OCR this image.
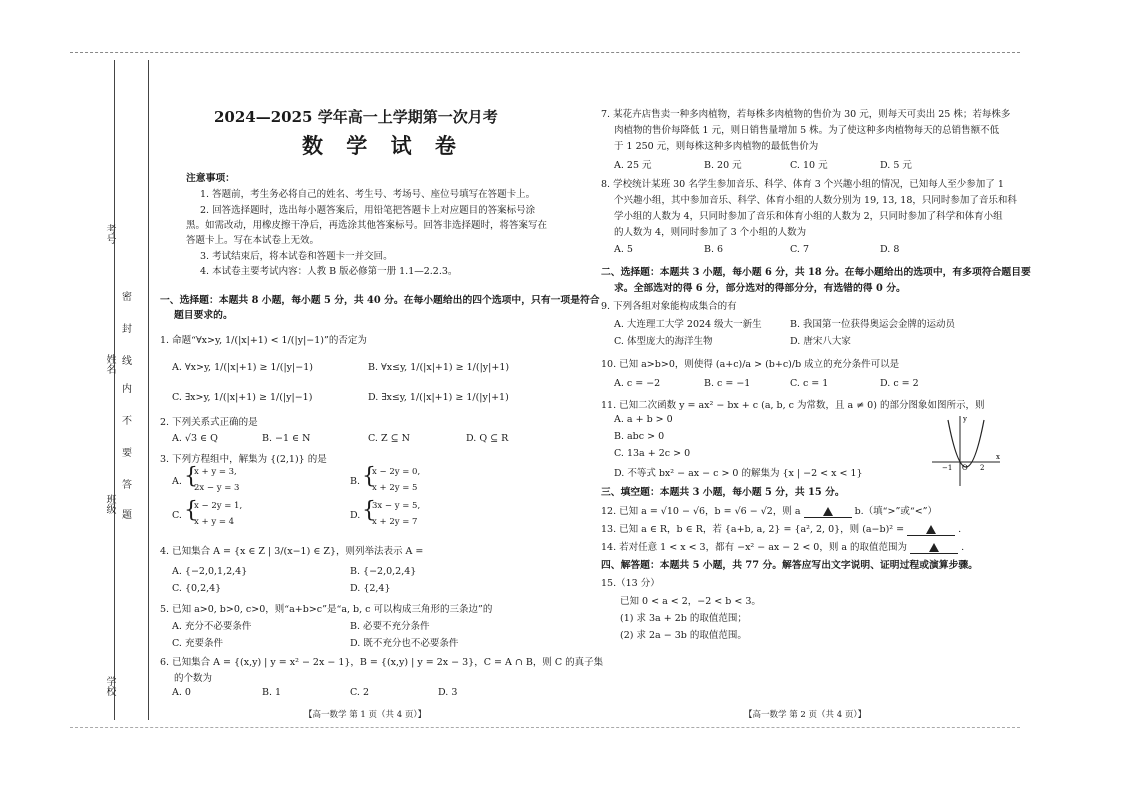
考号
姓名
班级
学校
密
封
线
内
不
要
答
题
2024—2025 学年高一上学期第一次月考
数 学 试 卷
注意事项：
1. 答题前，考生务必将自己的姓名、考生号、考场号、座位号填写在答题卡上。
2. 回答选择题时，选出每小题答案后，用铅笔把答题卡上对应题目的答案标号涂
黑。如需改动，用橡皮擦干净后，再选涂其他答案标号。回答非选择题时，将答案写在
答题卡上。写在本试卷上无效。
3. 考试结束后，将本试卷和答题卡一并交回。
4. 本试卷主要考试内容：人教 B 版必修第一册 1.1—2.2.3。
一、选择题：本题共 8 小题，每小题 5 分，共 40 分。在每小题给出的四个选项中，只有一项是符合
题目要求的。
1. 命题“∀x>y, 1/(|x|+1) < 1/(|y|−1)”的否定为
A. ∀x>y, 1/(|x|+1) ≥ 1/(|y|−1)	B. ∀x≤y, 1/(|x|+1) ≥ 1/(|y|+1)
C. ∃x>y, 1/(|x|+1) ≥ 1/(|y|−1)	D. ∃x≤y, 1/(|x|+1) ≥ 1/(|y|+1)
2. 下列关系式正确的是
A. √3 ∈ Q	B. −1 ∈ N	C. Z ⊆ N	D. Q ⊆ R
3. 下列方程组中，解集为 {(2,1)} 的是
A. {
x + y = 3,
2x − y = 3
B. {
x − 2y = 0,
x + 2y = 5
C. {
x − 2y = 1,
x + y = 4
D. {
3x − y = 5,
x + 2y = 7
4. 已知集合 A = {x ∈ Z | 3/(x−1) ∈ Z}，则列举法表示 A =
A. {−2,0,1,2,4}	B. {−2,0,2,4}
C. {0,2,4}	D. {2,4}
5. 已知 a>0, b>0, c>0，则“a+b>c”是“a, b, c 可以构成三角形的三条边”的
A. 充分不必要条件	B. 必要不充分条件
C. 充要条件	D. 既不充分也不必要条件
6. 已知集合 A = {(x,y) | y = x² − 2x − 1}，B = {(x,y) | y = 2x − 3}，C = A ∩ B，则 C 的真子集
的个数为
A. 0	B. 1	C. 2	D. 3
【高一数学 第 1 页（共 4 页）】
7. 某花卉店售卖一种多肉植物，若每株多肉植物的售价为 30 元，则每天可卖出 25 株；若每株多
肉植物的售价每降低 1 元，则日销售量增加 5 株。为了使这种多肉植物每天的总销售额不低
于 1 250 元，则每株这种多肉植物的最低售价为
A. 25 元	B. 20 元	C. 10 元	D. 5 元
8. 学校统计某班 30 名学生参加音乐、科学、体育 3 个兴趣小组的情况，已知每人至少参加了 1
个兴趣小组，其中参加音乐、科学、体育小组的人数分别为 19, 13, 18，只同时参加了音乐和科
学小组的人数为 4，只同时参加了音乐和体育小组的人数为 2，只同时参加了科学和体育小组
的人数为 4，则同时参加了 3 个小组的人数为
A. 5	B. 6	C. 7	D. 8
二、选择题：本题共 3 小题，每小题 6 分，共 18 分。在每小题给出的选项中，有多项符合题目要
求。全部选对的得 6 分，部分选对的得部分分，有选错的得 0 分。
9. 下列各组对象能构成集合的有
A. 大连理工大学 2024 级大一新生	B. 我国第一位获得奥运会金牌的运动员
C. 体型庞大的海洋生物	D. 唐宋八大家
10. 已知 a>b>0，则使得 (a+c)/a > (b+c)/b 成立的充分条件可以是
A. c = −2	B. c = −1	C. c = 1	D. c = 2
11. 已知二次函数 y = ax² − bx + c (a, b, c 为常数，且 a ≠ 0) 的部分图象如图所示，则
A. a + b > 0
B. abc > 0
C. 13a + 2c > 0
D. 不等式 bx² − ax − c > 0 的解集为 {x | −2 < x < 1}
x
y
O
−1	2
三、填空题：本题共 3 小题，每小题 5 分，共 15 分。
12. 已知 a = √10 − √6，b = √6 − √2，则 a	b.（填“>”或“<”）
13. 已知 a ∈ R，b ∈ R，若 {a+b, a, 2} = {a², 2, 0}，则 (a−b)² =	.
14. 若对任意 1 < x < 3，都有 −x² − ax − 2 < 0，则 a 的取值范围为	.
四、解答题：本题共 5 小题，共 77 分。解答应写出文字说明、证明过程或演算步骤。
15.（13 分）
已知 0 < a < 2，−2 < b < 3。
(1) 求 3a + 2b 的取值范围；
(2) 求 2a − 3b 的取值范围。
【高一数学 第 2 页（共 4 页）】
